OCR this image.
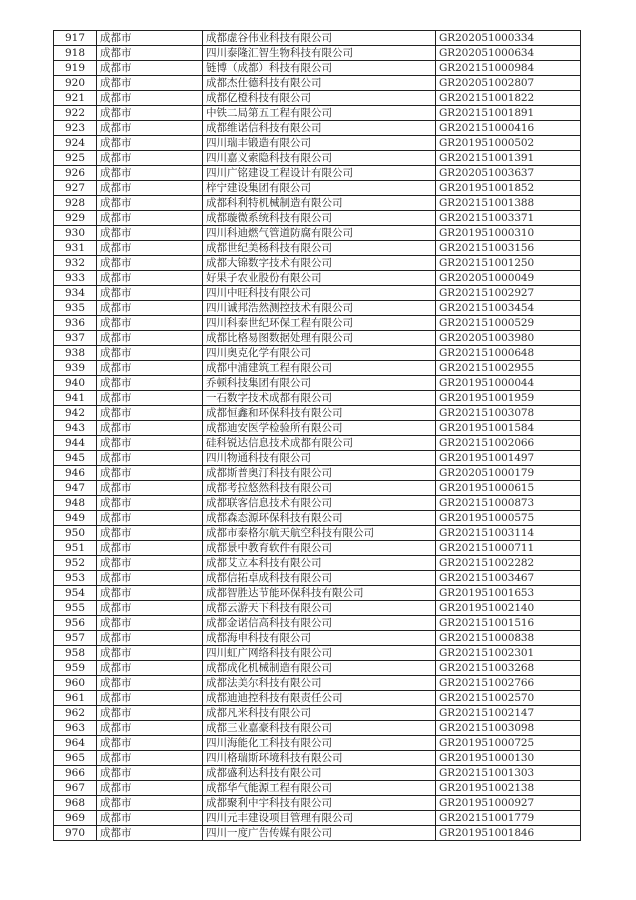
917	成都市	成都虚谷伟业科技有限公司	GR202051000334
918	成都市	四川泰隆汇智生物科技有限公司	GR202051000634
919	成都市	链博（成都）科技有限公司	GR202151000984
920	成都市	成都杰仕德科技有限公司	GR202051002807
921	成都市	成都亿橙科技有限公司	GR202151001822
922	成都市	中铁二局第五工程有限公司	GR202151001891
923	成都市	成都维诺信科技有限公司	GR202151000416
924	成都市	四川瑞丰锻造有限公司	GR201951000502
925	成都市	四川嘉义索隐科技有限公司	GR202151001391
926	成都市	四川广铭建设工程设计有限公司	GR202051003637
927	成都市	梓宁建设集团有限公司	GR201951001852
928	成都市	成都科利特机械制造有限公司	GR202151001388
929	成都市	成都璇微系统科技有限公司	GR202151003371
930	成都市	四川科迪燃气管道防腐有限公司	GR201951000310
931	成都市	成都世纪美杨科技有限公司	GR202151003156
932	成都市	成都大锦数字技术有限公司	GR202151001250
933	成都市	好果子农业股份有限公司	GR202051000049
934	成都市	四川中旺科技有限公司	GR202151002927
935	成都市	四川诚邦浩然测控技术有限公司	GR202151003454
936	成都市	四川科泰世纪环保工程有限公司	GR202151000529
937	成都市	成都比格易图数据处理有限公司	GR202051003980
938	成都市	四川奥克化学有限公司	GR202151000648
939	成都市	成都中浦建筑工程有限公司	GR202151002955
940	成都市	乔顿科技集团有限公司	GR201951000044
941	成都市	一石数字技术成都有限公司	GR201951001959
942	成都市	成都恒鑫和环保科技有限公司	GR202151003078
943	成都市	成都迪安医学检验所有限公司	GR201951001584
944	成都市	硅科锐达信息技术成都有限公司	GR202151002066
945	成都市	四川物通科技有限公司	GR201951001497
946	成都市	成都斯普奥汀科技有限公司	GR202051000179
947	成都市	成都考拉悠然科技有限公司	GR201951000615
948	成都市	成都联客信息技术有限公司	GR202151000873
949	成都市	成都森态源环保科技有限公司	GR201951000575
950	成都市	成都市泰格尔航天航空科技有限公司	GR202151003114
951	成都市	成都景中教育软件有限公司	GR202151000711
952	成都市	成都艾立本科技有限公司	GR202151002282
953	成都市	成都信拓卓成科技有限公司	GR202151003467
954	成都市	成都智胜达节能环保科技有限公司	GR201951001653
955	成都市	成都云游天下科技有限公司	GR201951002140
956	成都市	成都金诺信高科技有限公司	GR202151001516
957	成都市	成都海申科技有限公司	GR202151000838
958	成都市	四川虹广网络科技有限公司	GR202151002301
959	成都市	成都成化机械制造有限公司	GR202151003268
960	成都市	成都法美尔科技有限公司	GR202151002766
961	成都市	成都迪迪控科技有限责任公司	GR202151002570
962	成都市	成都凡米科技有限公司	GR202151002147
963	成都市	成都三业嘉豪科技有限公司	GR202151003098
964	成都市	四川海能化工科技有限公司	GR201951000725
965	成都市	四川格瑞斯环境科技有限公司	GR201951000130
966	成都市	成都盛利达科技有限公司	GR202151001303
967	成都市	成都华气能源工程有限公司	GR201951002138
968	成都市	成都聚利中宇科技有限公司	GR201951000927
969	成都市	四川元丰建设项目管理有限公司	GR202151001779
970	成都市	四川一度广告传媒有限公司	GR201951001846
